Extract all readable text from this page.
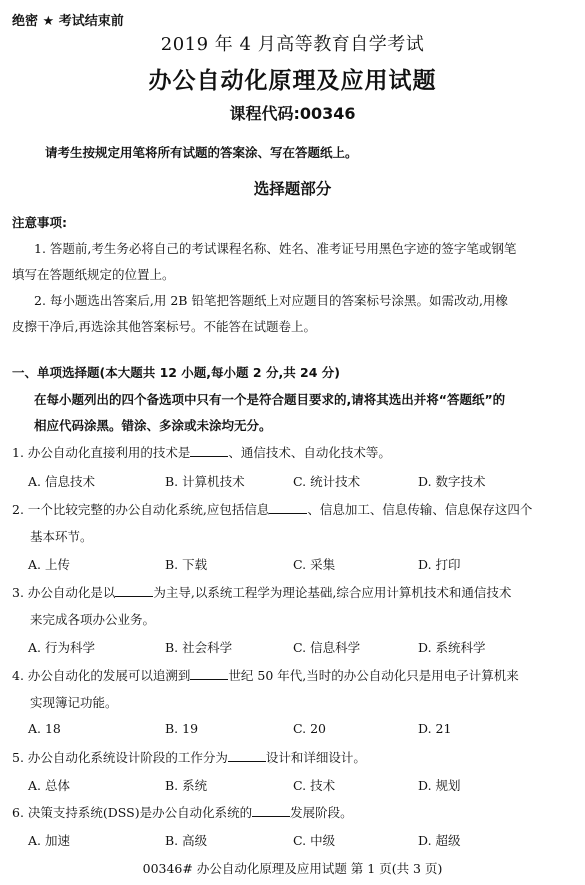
绝密 ★ 考试结束前
2019 年 4 月高等教育自学考试
办公自动化原理及应用试题
课程代码:00346
请考生按规定用笔将所有试题的答案涂、写在答题纸上。
选择题部分
注意事项:
1. 答题前,考生务必将自己的考试课程名称、姓名、准考证号用黑色字迹的签字笔或钢笔
填写在答题纸规定的位置上。
2. 每小题选出答案后,用 2B 铅笔把答题纸上对应题目的答案标号涂黑。如需改动,用橡
皮擦干净后,再选涂其他答案标号。不能答在试题卷上。
一、单项选择题(本大题共 12 小题,每小题 2 分,共 24 分)
在每小题列出的四个备选项中只有一个是符合题目要求的,请将其选出并将“答题纸”的
相应代码涂黑。错涂、多涂或未涂均无分。
1. 办公自动化直接利用的技术是	、通信技术、自动化技术等。
A. 信息技术	B. 计算机技术	C. 统计技术	D. 数字技术
2. 一个比较完整的办公自动化系统,应包括信息	、信息加工、信息传输、信息保存这四个
基本环节。
A. 上传	B. 下载	C. 采集	D. 打印
3. 办公自动化是以	为主导,以系统工程学为理论基础,综合应用计算机技术和通信技术
来完成各项办公业务。
A. 行为科学	B. 社会科学	C. 信息科学	D. 系统科学
4. 办公自动化的发展可以追溯到	世纪 50 年代,当时的办公自动化只是用电子计算机来
实现簿记功能。
A. 18	B. 19	C. 20	D. 21
5. 办公自动化系统设计阶段的工作分为	设计和详细设计。
A. 总体	B. 系统	C. 技术	D. 规划
6. 决策支持系统(DSS)是办公自动化系统的	发展阶段。
A. 加速	B. 高级	C. 中级	D. 超级
00346# 办公自动化原理及应用试题 第 1 页(共 3 页)
